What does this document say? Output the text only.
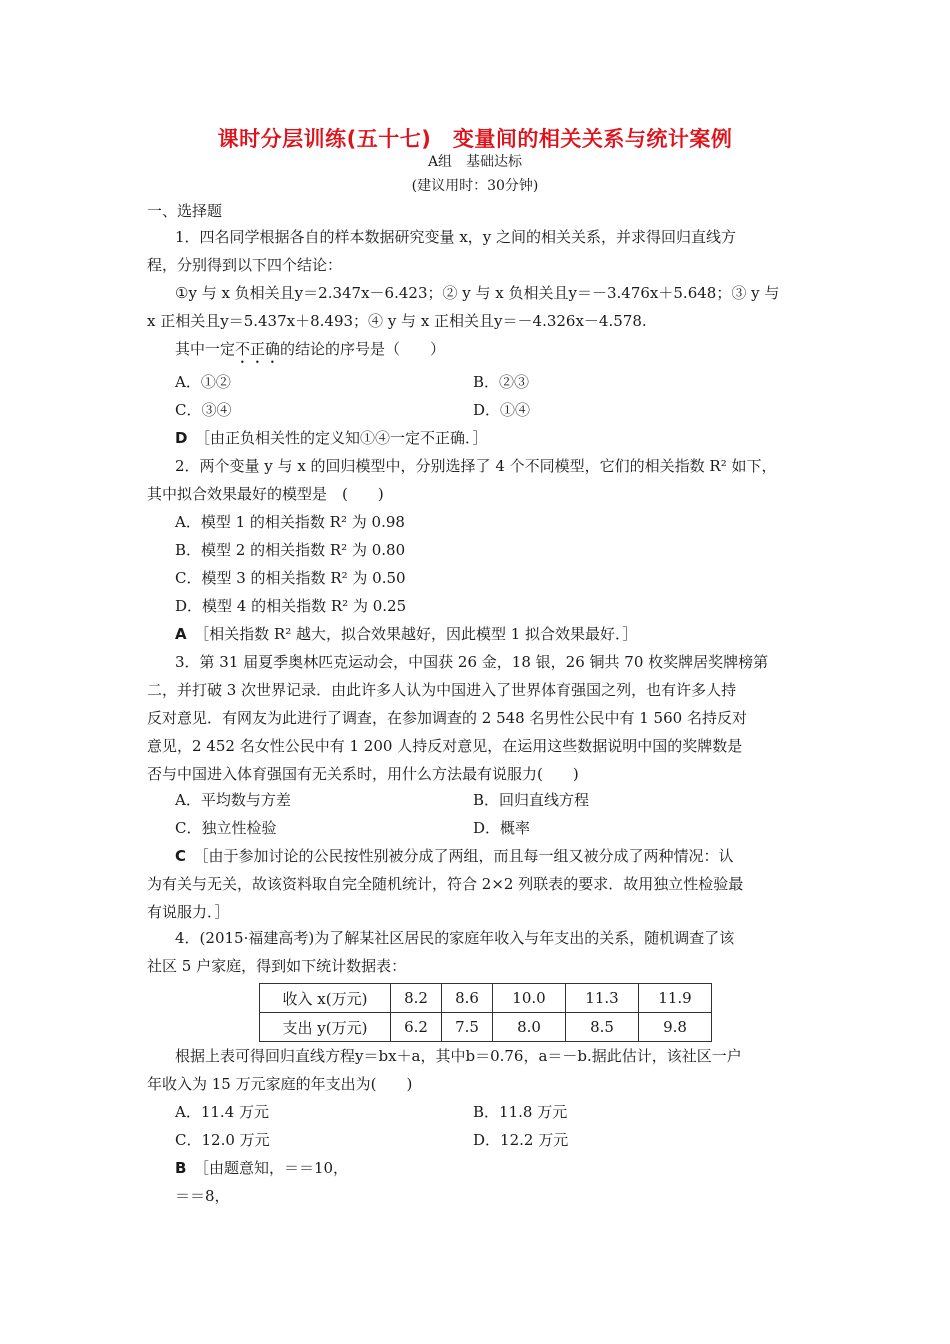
课时分层训练(五十七)　变量间的相关关系与统计案例
A组　基础达标
(建议用时：30分钟)
一、选择题
1．四名同学根据各自的样本数据研究变量 x，y 之间的相关关系，并求得回归直线方
程，分别得到以下四个结论：
①y 与 x 负相关且y＝2.347x－6.423；② y 与 x 负相关且y＝－3.476x＋5.648；③ y 与
x 正相关且y＝5.437x＋8.493；④ y 与 x 正相关且y＝－4.326x－4.578.
其中一定不正确的结论的序号是（　　）
A．①②	B．②③
C．③④	D．①④
D　 ［由正负相关性的定义知①④一定不正确．］
2．两个变量 y 与 x 的回归模型中，分别选择了 4 个不同模型，它们的相关指数 R² 如下，
其中拟合效果最好的模型是　(　　)
A．模型 1 的相关指数 R² 为 0.98
B．模型 2 的相关指数 R² 为 0.80
C．模型 3 的相关指数 R² 为 0.50
D．模型 4 的相关指数 R² 为 0.25
A　 ［相关指数 R² 越大，拟合效果越好，因此模型 1 拟合效果最好．］
3．第 31 届夏季奥林匹克运动会，中国获 26 金，18 银，26 铜共 70 枚奖牌居奖牌榜第
二，并打破 3 次世界记录．由此许多人认为中国进入了世界体育强国之列，也有许多人持
反对意见．有网友为此进行了调查，在参加调查的 2 548 名男性公民中有 1 560 名持反对
意见，2 452 名女性公民中有 1 200 人持反对意见，在运用这些数据说明中国的奖牌数是
否与中国进入体育强国有无关系时，用什么方法最有说服力(　　)
A．平均数与方差	B．回归直线方程
C．独立性检验	D．概率
C　 ［由于参加讨论的公民按性别被分成了两组，而且每一组又被分成了两种情况：认
为有关与无关，故该资料取自完全随机统计，符合 2×2 列联表的要求．故用独立性检验最
有说服力．］
4．(2015·福建高考)为了解某社区居民的家庭年收入与年支出的关系，随机调查了该
社区 5 户家庭，得到如下统计数据表：
收入 x(万元)	8.2	8.6	10.0	11.3	11.9
支出 y(万元)	6.2	7.5	8.0	8.5	9.8
根据上表可得回归直线方程y＝bx＋a，其中b＝0.76，a＝－b.据此估计，该社区一户
年收入为 15 万元家庭的年支出为(　　)
A．11.4 万元	B．11.8 万元
C．12.0 万元	D．12.2 万元
B　 ［由题意知，＝＝10，
＝＝8，
